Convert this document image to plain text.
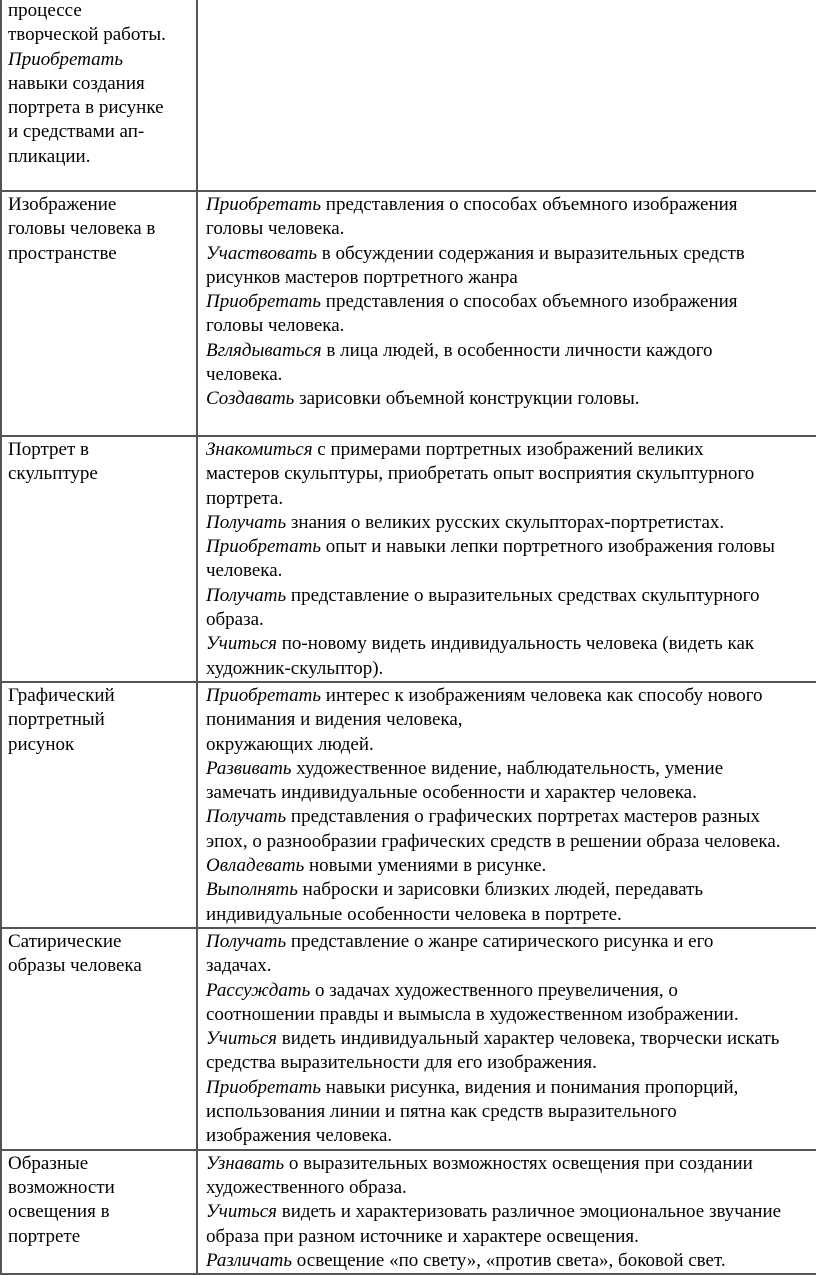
процессе
творческой работы.
Приобретать
навыки создания
портрета в рисунке
и средствами ап-
пликации.
Изображение
головы человека в
пространстве
Приобретать представления о способах объемного изображения
головы человека.
Участвовать в обсуждении содержания и выразительных средств
рисунков мастеров портретного жанра
Приобретать представления о способах объемного изображения
головы человека.
Вглядываться в лица людей, в особенности личности каждого
человека.
Создавать зарисовки объемной конструкции головы.
Портрет в
скульптуре
Знакомиться с примерами портретных изображений великих
мастеров скульптуры, приобретать опыт восприятия скульптурного
портрета.
Получать знания о великих русских скульпторах-портретистах.
Приобретать опыт и навыки лепки портретного изображения головы
человека.
Получать представление о выразительных средствах скульптурного
образа.
Учиться по-новому видеть индивидуальность человека (видеть как
художник-скульптор).
Графический
портретный
рисунок
Приобретать интерес к изображениям человека как способу нового
понимания и видения человека,
окружающих людей.
Развивать художественное видение, наблюдательность, умение
замечать индивидуальные особенности и характер человека.
Получать представления о графических портретах мастеров разных
эпох, о разнообразии графических средств в решении образа человека.
Овладевать новыми умениями в рисунке.
Выполнять наброски и зарисовки близких людей, передавать
индивидуальные особенности человека в портрете.
Сатирические
образы человека
Получать представление о жанре сатирического рисунка и его
задачах.
Рассуждать о задачах художественного преувеличения, о
соотношении правды и вымысла в художественном изображении.
Учиться видеть индивидуальный характер человека, творчески искать
средства выразительности для его изображения.
Приобретать навыки рисунка, видения и понимания пропорций,
использования линии и пятна как средств выразительного
изображения человека.
Образные
возможности
освещения в
портрете
Узнавать о выразительных возможностях освещения при создании
художественного образа.
Учиться видеть и характеризовать различное эмоциональное звучание
образа при разном источнике и характере освещения.
Различать освещение «по свету», «против света», боковой свет.
